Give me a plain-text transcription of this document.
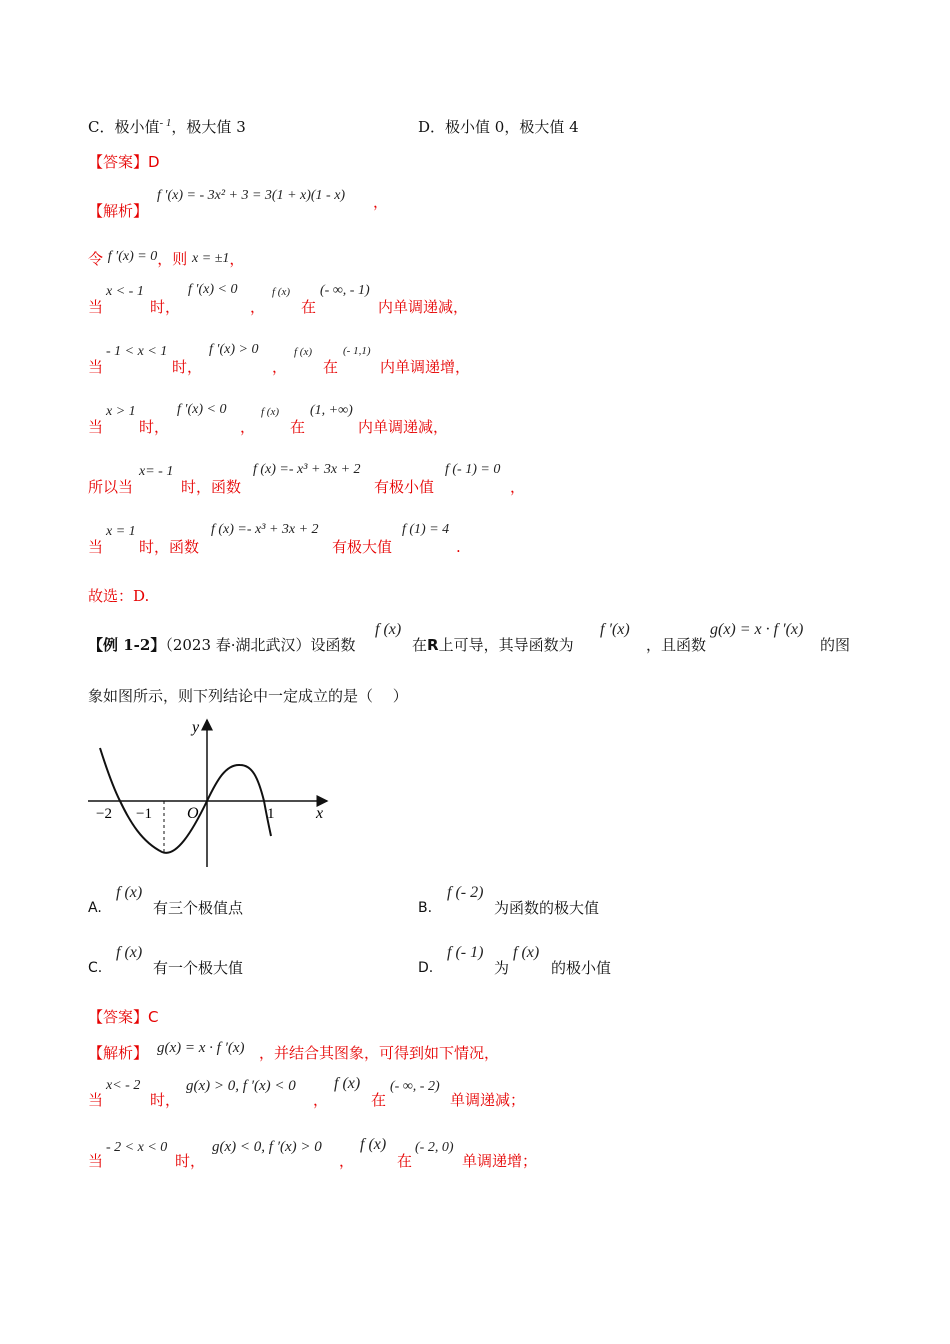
C．极小值$^{- 1}$，极大值 3	D．极小值 0，极大值 4
【答案】D
【解析】
f ′(x) = - 3x² + 3 = 3(1 + x)(1 - x) ，
令 f ′(x) = 0，则 x = ±1，
当
x < - 1
时，
f ′(x) < 0
，
f (x)
在
(- ∞, - 1)
内单调递减，
当
- 1 < x < 1
时，
f ′(x) > 0
，
f (x)
在
(- 1,1)
内单调递增，
当
x > 1
时，
f ′(x) < 0
，
f (x)
在
(1, +∞)
内单调递减，
所以当
x= - 1
时，函数
f (x) =- x³ + 3x + 2
有极小值
f (- 1) = 0
，
当
x = 1
时，函数
f (x) =- x³ + 3x + 2
有极大值
f (1) = 4
.
故选：D.
【例 1-2】（2023 春·湖北武汉）设函数
f (x)
在R上可导，其导函数为
f ′(x)
，且函数
g(x) = x · f ′(x)
的图
象如图所示，则下列结论中一定成立的是（　 ）
y
x
O
−2 −1	1
A.
f (x)
有三个极值点	B.
f (- 2)
为函数的极大值
C.
f (x)
有一个极大值	D.
f (- 1)
为
f (x)
的极小值
【答案】C
【解析】 g(x) = x · f ′(x) ，并结合其图象，可得到如下情况，
当
x< - 2
时，
g(x) > 0, f ′(x) < 0
，
f (x)
在
(- ∞, - 2)
单调递减；
当
- 2 < x < 0
时，
g(x) < 0, f ′(x) > 0
，
f (x)
在
(- 2, 0)
单调递增；
